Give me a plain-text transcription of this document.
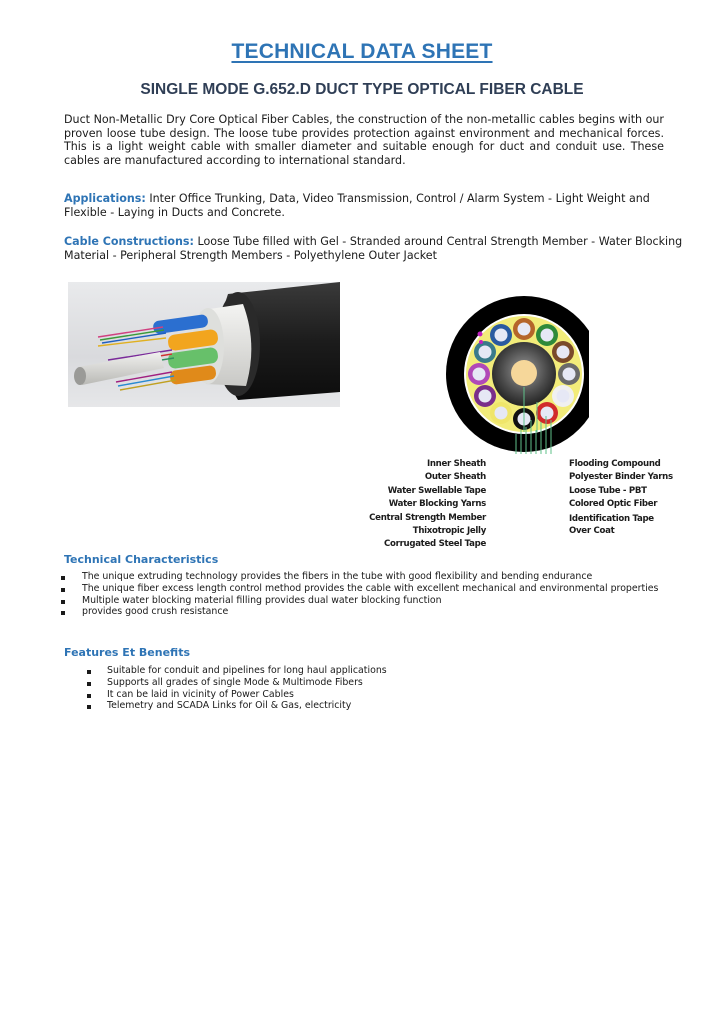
TECHNICAL DATA SHEET
SINGLE MODE G.652.D DUCT TYPE OPTICAL FIBER CABLE
Duct Non-Metallic Dry Core Optical Fiber Cables, the construction of the non-metallic cables begins with our proven loose tube design. The loose tube provides protection against environment and mechanical forces. This is a light weight cable with smaller diameter and suitable enough for duct and conduit use. These cables are manufactured according to international standard.
Applications: Inter Office Trunking, Data, Video Transmission, Control / Alarm System - Light Weight and Flexible - Laying in Ducts and Concrete.
Cable Constructions: Loose Tube filled with Gel - Stranded around Central Strength Member - Water Blocking Material - Peripheral Strength Members - Polyethylene Outer Jacket
Inner Sheath
Outer Sheath
Water Swellable Tape
Water Blocking Yarns
Central Strength Member
Thixotropic Jelly
Corrugated Steel Tape
Flooding Compound
Polyester Binder Yarns
Loose Tube - PBT
Colored Optic Fiber
Identification Tape
Over Coat
Technical Characteristics
The unique extruding technology provides the fibers in the tube with good flexibility and bending endurance
The unique fiber excess length control method provides the cable with excellent mechanical and environmental properties
Multiple water blocking material filling provides dual water blocking function
provides good crush resistance
Features Et Benefits
Suitable for conduit and pipelines for long haul applications
Supports all grades of single Mode & Multimode Fibers
It can be laid in vicinity of Power Cables
Telemetry and SCADA Links for Oil & Gas, electricity
